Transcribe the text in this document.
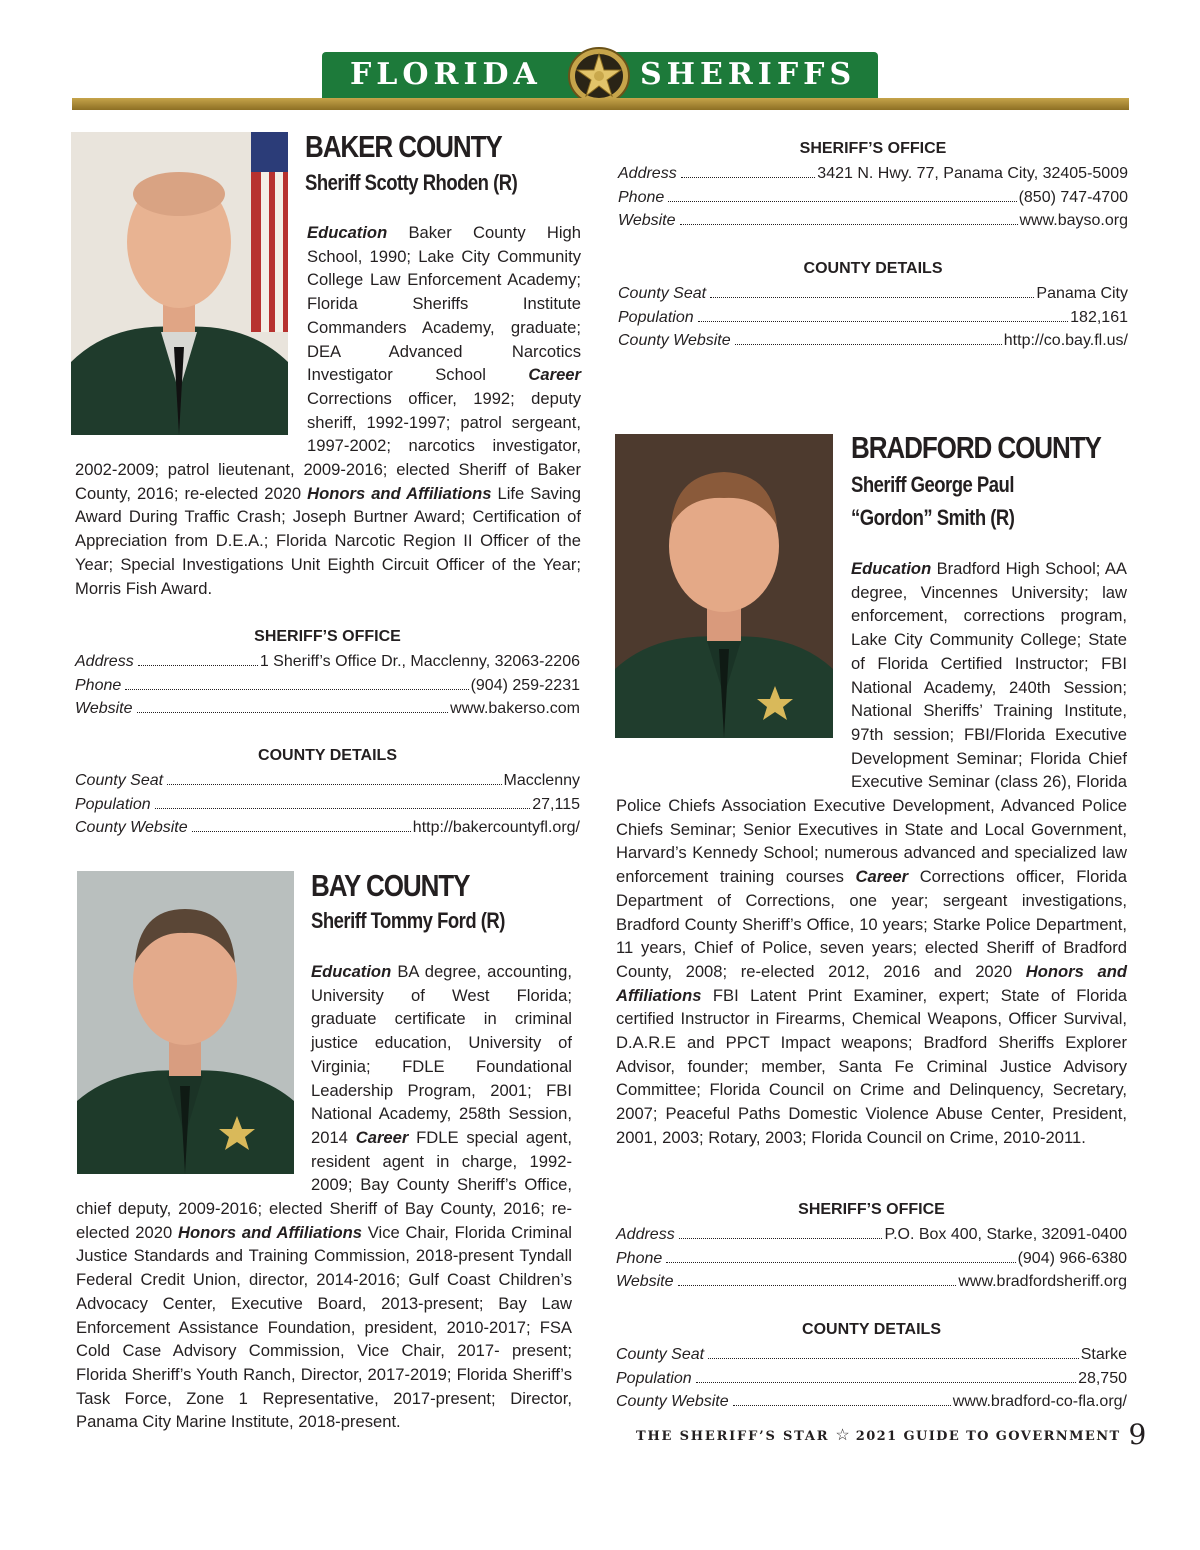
FLORIDA	SHERIFFS
BAKER COUNTY
Sheriff Scotty Rhoden (R)
Education Baker County High School, 1990; Lake City Community College Law Enforcement Academy; Florida Sheriffs Institute Commanders Academy, graduate; DEA Advanced Narcotics Investigator School Career Corrections officer, 1992; deputy sheriff, 1992-1997; patrol sergeant, 1997-2002; narcotics investigator, 2002-2009; patrol lieutenant, 2009-2016; elected Sheriff of Baker County, 2016; re-elected 2020 Honors and Affiliations Life Saving Award During Traffic Crash; Joseph Burtner Award; Certification of Appreciation from D.E.A.; Florida Narcotic Region II Officer of the Year; Special Investigations Unit Eighth Circuit Officer of the Year; Morris Fish Award.
SHERIFF’S OFFICE
Address	1 Sheriff’s Office Dr., Macclenny, 32063-2206
Phone	(904) 259-2231
Website	www.bakerso.com
COUNTY DETAILS
County Seat	Macclenny
Population	27,115
County Website	http://bakercountyfl.org/
BAY COUNTY
Sheriff Tommy Ford (R)
Education BA degree, accounting, University of West Florida; graduate certificate in criminal justice education, University of Virginia; FDLE Foundational Leadership Program, 2001; FBI National Academy, 258th Session, 2014 Career FDLE special agent, resident agent in charge, 1992-2009; Bay County Sheriff’s Office, chief deputy, 2009-2016; elected Sheriff of Bay County, 2016; re-elected 2020 Honors and Affiliations Vice Chair, Florida Criminal Justice Standards and Training Commission, 2018-present Tyndall Federal Credit Union, director, 2014-2016; Gulf Coast Children’s Advocacy Center, Executive Board, 2013-present; Bay Law Enforcement Assistance Foundation, president, 2010-2017; FSA Cold Case Advisory Commission, Vice Chair, 2017- present; Florida Sheriff’s Youth Ranch, Director, 2017-2019; Florida Sheriff’s Task Force, Zone 1 Representative, 2017-present; Director, Panama City Marine Institute, 2018-present.
SHERIFF’S OFFICE
Address	3421 N. Hwy. 77, Panama City, 32405-5009
Phone	(850) 747-4700
Website	www.bayso.org
COUNTY DETAILS
County Seat	Panama City
Population	182,161
County Website	http://co.bay.fl.us/
BRADFORD COUNTY
Sheriff George Paul
“Gordon” Smith (R)
Education Bradford High School; AA degree, Vincennes University; law enforcement, corrections program, Lake City Community College; State of Florida Certified Instructor; FBI National Academy, 240th Session; National Sheriffs’ Training Institute, 97th session; FBI/Florida Executive Development Seminar; Florida Chief Executive Seminar (class 26), Florida Police Chiefs Association Executive Development, Advanced Police Chiefs Seminar; Senior Executives in State and Local Government, Harvard’s Kennedy School; numerous advanced and specialized law enforcement training courses Career Corrections officer, Florida Department of Corrections, one year; sergeant investigations, Bradford County Sheriff’s Office, 10 years; Starke Police Department, 11 years, Chief of Police, seven years; elected Sheriff of Bradford County, 2008; re-elected 2012, 2016 and 2020 Honors and Affiliations FBI Latent Print Examiner, expert; State of Florida certified Instructor in Firearms, Chemical Weapons, Officer Survival, D.A.R.E and PPCT Impact weapons; Bradford Sheriffs Explorer Advisor, founder; member, Santa Fe Criminal Justice Advisory Committee; Florida Council on Crime and Delinquency, Secretary, 2007; Peaceful Paths Domestic Violence Abuse Center, President, 2001, 2003; Rotary, 2003; Florida Council on Crime, 2010-2011.
SHERIFF’S OFFICE
Address	P.O. Box 400, Starke, 32091-0400
Phone	(904) 966-6380
Website	www.bradfordsheriff.org
COUNTY DETAILS
County Seat	Starke
Population	28,750
County Website	www.bradford-co-fla.org/
THE SHERIFF’S STAR ☆ 2021 GUIDE TO GOVERNMENT 9
